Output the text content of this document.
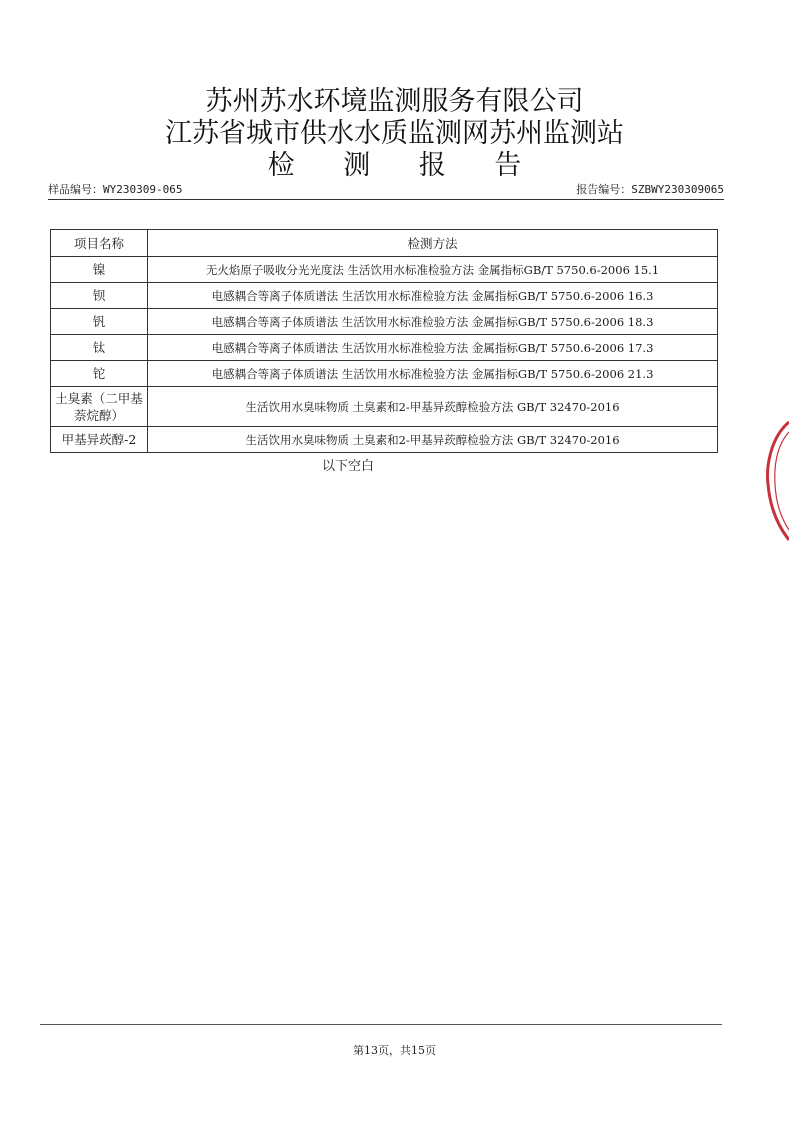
苏州苏水环境监测服务有限公司
江苏省城市供水水质监测网苏州监测站
检 测 报 告
样品编号：WY230309-065	报告编号：SZBWY230309065
项目名称	检测方法
镍	无火焰原子吸收分光光度法 生活饮用水标准检验方法 金属指标GB/T 5750.6-2006 15.1
钡	电感耦合等离子体质谱法 生活饮用水标准检验方法 金属指标GB/T 5750.6-2006 16.3
钒	电感耦合等离子体质谱法 生活饮用水标准检验方法 金属指标GB/T 5750.6-2006 18.3
钛	电感耦合等离子体质谱法 生活饮用水标准检验方法 金属指标GB/T 5750.6-2006 17.3
铊	电感耦合等离子体质谱法 生活饮用水标准检验方法 金属指标GB/T 5750.6-2006 21.3
土臭素（二甲基萘烷醇）	生活饮用水臭味物质 土臭素和2-甲基异莰醇检验方法 GB/T 32470-2016
甲基异莰醇-2	生活饮用水臭味物质 土臭素和2-甲基异莰醇检验方法 GB/T 32470-2016
以下空白
第13页，共15页
